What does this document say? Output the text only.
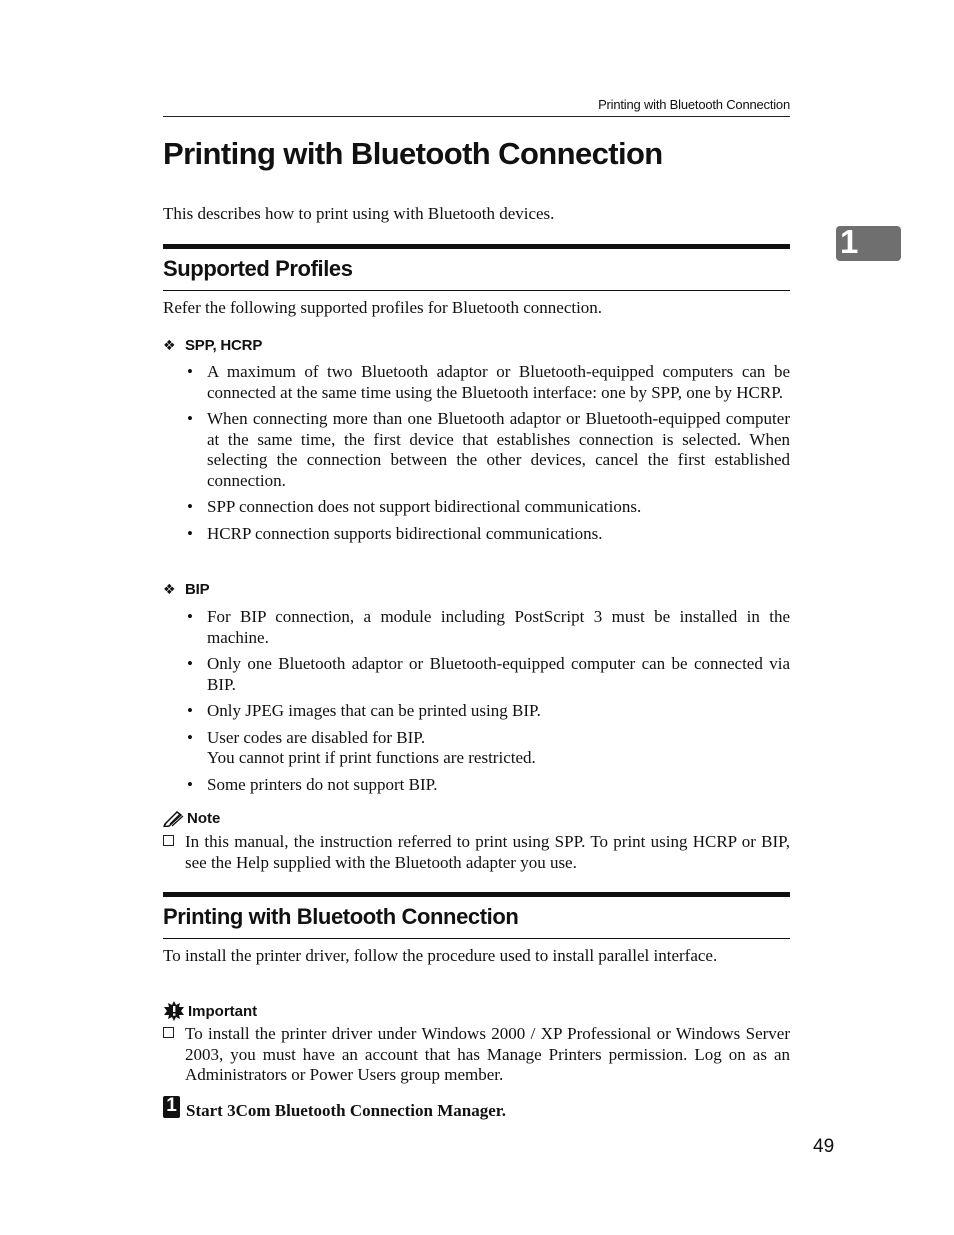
Printing with Bluetooth Connection
Printing with Bluetooth Connection
1

This describes how to print using with Bluetooth devices.

Supported Profiles

Refer the following supported profiles for Bluetooth connection.

❖ SPP, HCRP
• A maximum of two Bluetooth adaptor or Bluetooth-equipped computers can be connected at the same time using the Bluetooth interface: one by SPP, one by HCRP.
• When connecting more than one Bluetooth adaptor or Bluetooth-equipped computer at the same time, the first device that establishes connection is selected. When selecting the connection between the other devices, cancel the first established connection.
• SPP connection does not support bidirectional communications.
• HCRP connection supports bidirectional communications.
❖ BIP
• For BIP connection, a module including PostScript 3 must be installed in the machine.
• Only one Bluetooth adaptor or Bluetooth-equipped computer can be connected via BIP.
• Only JPEG images that can be printed using BIP.
• User codes are disabled for BIP.
You cannot print if print functions are restricted.
• Some printers do not support BIP.
Note
In this manual, the instruction referred to print using SPP. To print using HCRP or BIP, see the Help supplied with the Bluetooth adapter you use.
Printing with Bluetooth Connection

To install the printer driver, follow the procedure used to install parallel interface.

Important
To install the printer driver under Windows 2000 / XP Professional or Windows Server 2003, you must have an account that has Manage Printers permission. Log on as an Administrators or Power Users group member.
1 Start 3Com Bluetooth Connection Manager.

49
